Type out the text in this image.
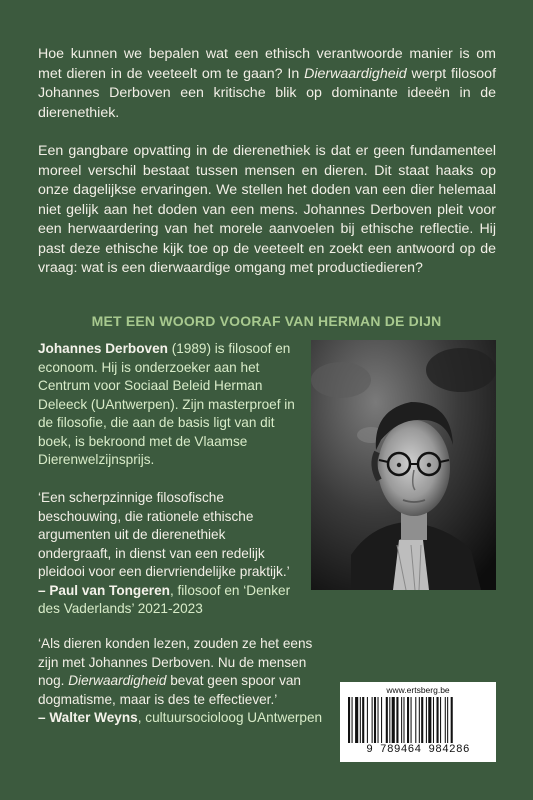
Hoe kunnen we bepalen wat een ethisch verantwoorde manier is om met dieren in de veeteelt om te gaan? In Dierwaardigheid werpt filosoof Johannes Derboven een kritische blik op dominante ideeën in de dierenethiek.

Een gangbare opvatting in de dierenethiek is dat er geen fundamenteel moreel verschil bestaat tussen mensen en dieren. Dit staat haaks op onze dagelijkse ervaringen. We stellen het doden van een dier helemaal niet gelijk aan het doden van een mens. Johannes Derboven pleit voor een herwaardering van het morele aanvoelen bij ethische reflectie. Hij past deze ethische kijk toe op de veeteelt en zoekt een antwoord op de vraag: wat is een dierwaardige omgang met productiedieren?

MET EEN WOORD VOORAF VAN HERMAN DE DIJN

Johannes Derboven (1989) is filosoof en econoom. Hij is onderzoeker aan het Centrum voor Sociaal Beleid Herman Deleeck (UAntwerpen). Zijn masterproef in de filosofie, die aan de basis ligt van dit boek, is bekroond met de Vlaamse Dierenwelzijnsprijs.

‘Een scherpzinnige filosofische beschouwing, die rationele ethische argumenten uit de dierenethiek ondergraaft, in dienst van een redelijk pleidooi voor een diervriendelijke praktijk.’
– Paul van Tongeren, filosoof en ‘Denker des Vaderlands’ 2021-2023

‘Als dieren konden lezen, zouden ze het eens zijn met Johannes Derboven. Nu de mensen nog. Dierwaardigheid bevat geen spoor van dogmatisme, maar is des te effectiever.’
– Walter Weyns, cultuursocioloog UAntwerpen

www.ertsberg.be
9 789464 984286
